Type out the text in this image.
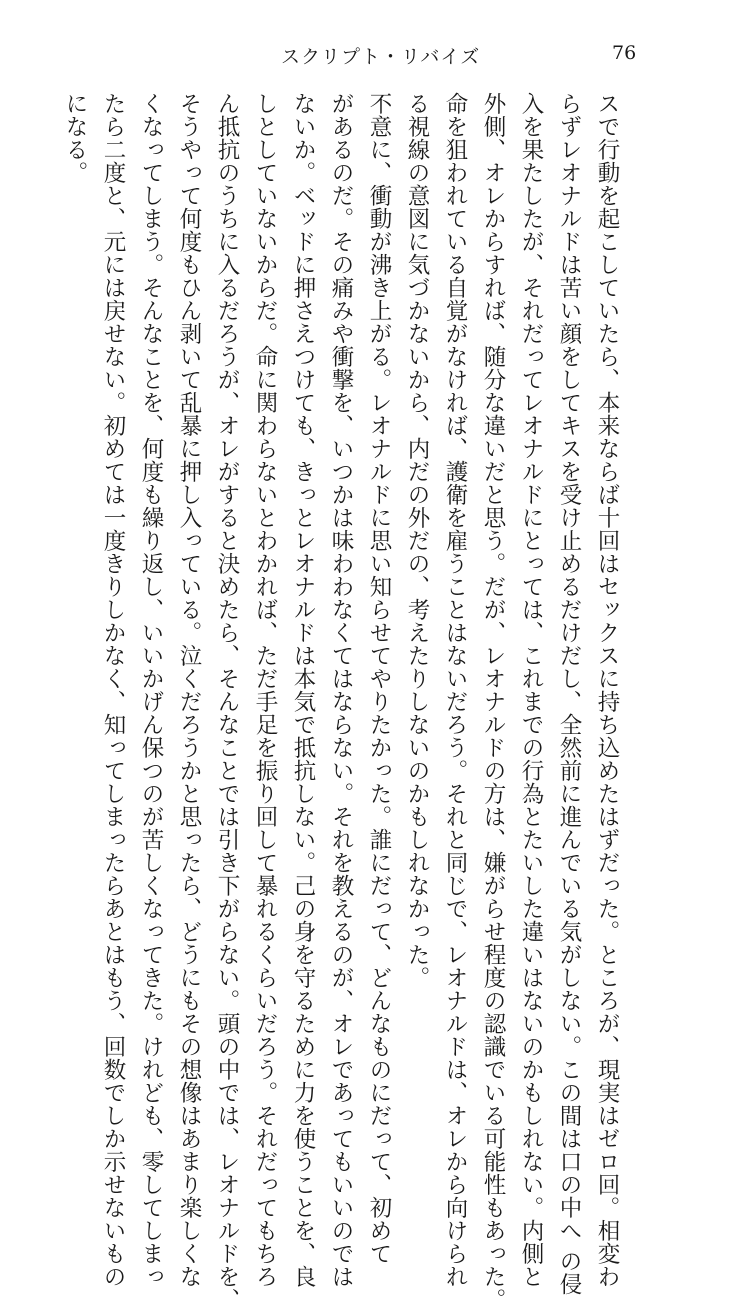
スクリプト・リバイズ	76
スで行動を起こしていたら、本来ならば十回はセックスに持ち込めたはずだった。ところが、現実はゼロ回。相変わ
らずレオナルドは苦い顔をしてキスを受け止めるだけだし、全然前に進んでいる気がしない。この間は口の中へ の侵
入を果たしたが、それだってレオナルドにとっては、これまでの行為とたいした違いはないのかもしれない。内側と
外側、オレからすれば、随分な違いだと思う。だが、レオナルドの方は、嫌がらせ程度の認識でいる可能性もあった。
命を狙われている自覚がなければ、護衛を雇うことはないだろう。それと同じで、レオナルドは、オレから向けられ
る視線の意図に気づかないから、内だの外だの、考えたりしないのかもしれなかった。
不意に、衝動が沸き上がる。レオナルドに思い知らせてやりたかった。誰にだって、どんなものにだって、初めて
があるのだ。その痛みや衝撃を、いつかは味わわなくてはならない。それを教えるのが、オレであってもいいのでは
ないか。ベッドに押さえつけても、きっとレオナルドは本気で抵抗しない。己の身を守るために力を使うことを、良
しとしていないからだ。命に関わらないとわかれば、ただ手足を振り回して暴れるくらいだろう。それだってもちろ
ん抵抗のうちに入るだろうが、オレがすると決めたら、そんなことでは引き下がらない。頭の中では、レオナルドを、
そうやって何度もひん剥いて乱暴に押し入っている。泣くだろうかと思ったら、どうにもその想像はあまり楽しくな
くなってしまう。そんなことを、何度も繰り返し、いいかげん保つのが苦しくなってきた。けれども、零してしまっ
たら二度と、元には戻せない。初めては一度きりしかなく、知ってしまったらあとはもう、回数でしか示せないもの
になる。
